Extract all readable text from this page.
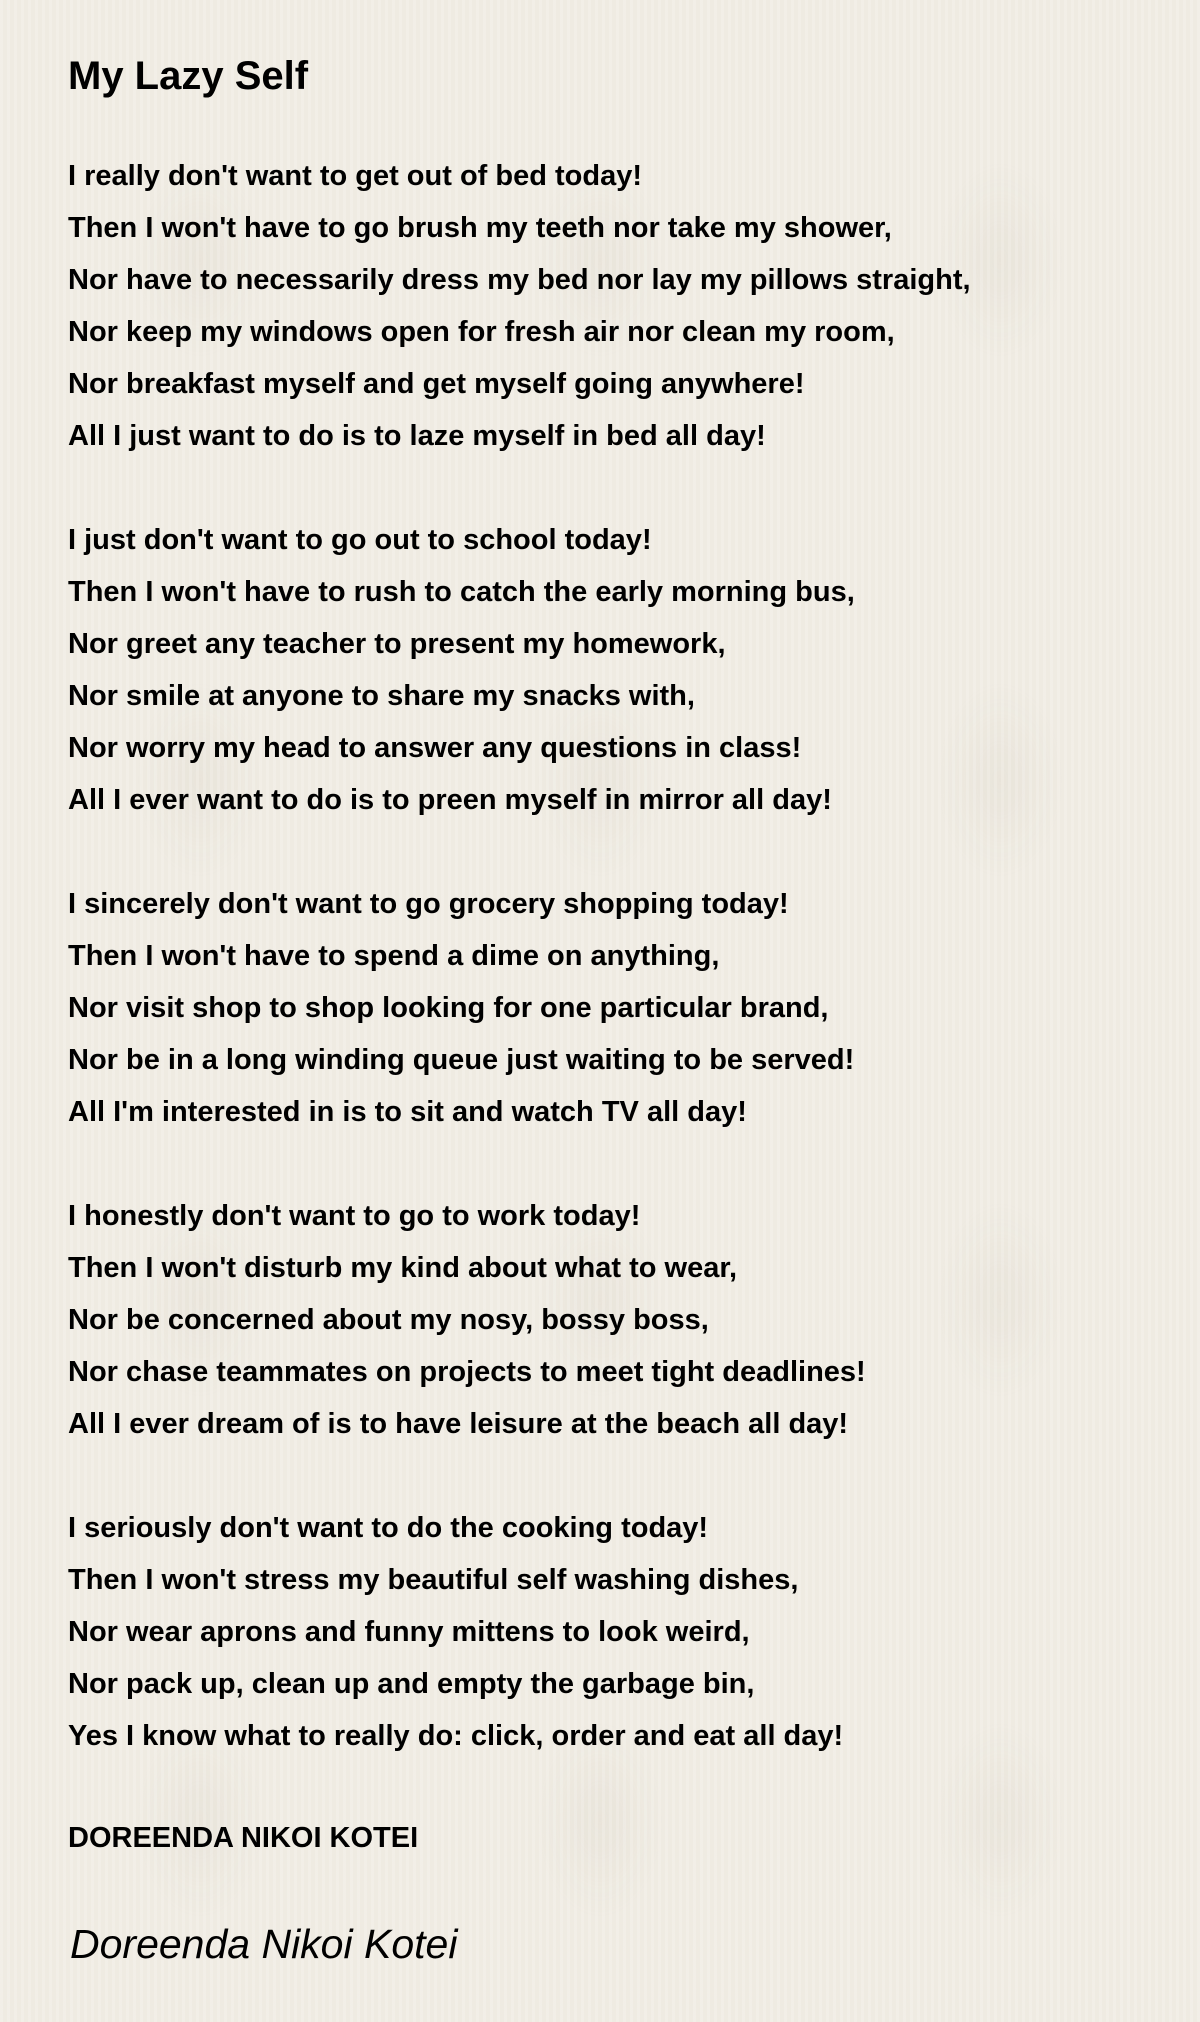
My Lazy Self
I really don't want to get out of bed today!
Then I won't have to go brush my teeth nor take my shower,
Nor have to necessarily dress my bed nor lay my pillows straight,
Nor keep my windows open for fresh air nor clean my room,
Nor breakfast myself and get myself going anywhere!
All I just want to do is to laze myself in bed all day!
I just don't want to go out to school today!
Then I won't have to rush to catch the early morning bus,
Nor greet any teacher to present my homework,
Nor smile at anyone to share my snacks with,
Nor worry my head to answer any questions in class!
All I ever want to do is to preen myself in mirror all day!
I sincerely don't want to go grocery shopping today!
Then I won't have to spend a dime on anything,
Nor visit shop to shop looking for one particular brand,
Nor be in a long winding queue just waiting to be served!
All I'm interested in is to sit and watch TV all day!
I honestly don't want to go to work today!
Then I won't disturb my kind about what to wear,
Nor be concerned about my nosy, bossy boss,
Nor chase teammates on projects to meet tight deadlines!
All I ever dream of is to have leisure at the beach all day!
I seriously don't want to do the cooking today!
Then I won't stress my beautiful self washing dishes,
Nor wear aprons and funny mittens to look weird,
Nor pack up, clean up and empty the garbage bin,
Yes I know what to really do: click, order and eat all day!
DOREENDA NIKOI KOTEI
Doreenda Nikoi Kotei
